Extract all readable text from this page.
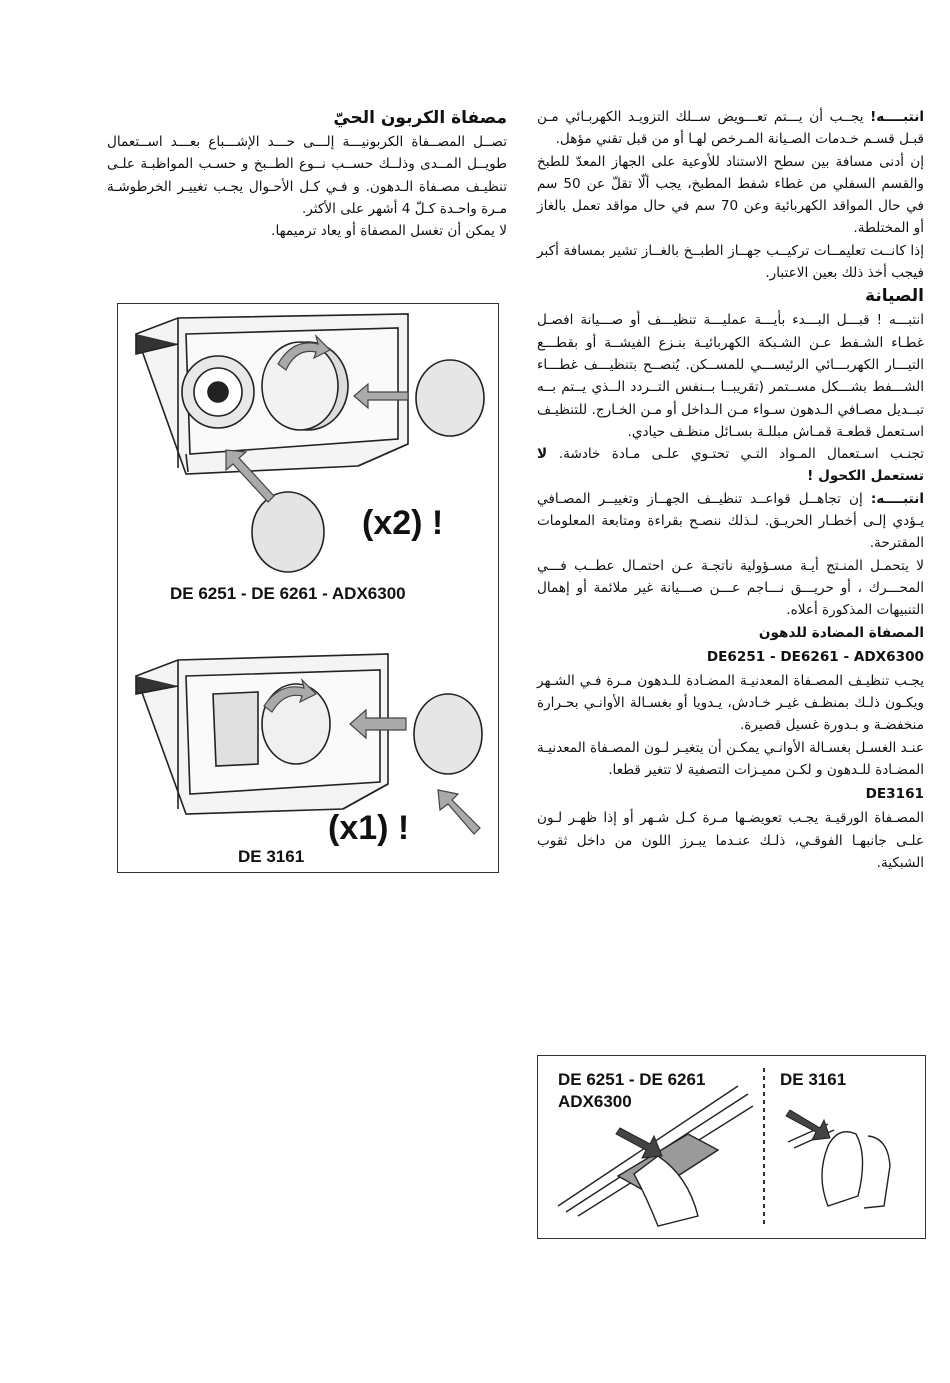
انتبــــه! يجــب أن يـــتم تعـــويض ســلك التزويـد الكهربـائي مـن قبـل قسـم خـدمات الصـيانة المـرخص لهـا أو من قبل تقني مؤهل.

إن أدنى مسافة بين سطح الاستناد للأوعية على الجهاز المعدّ للطبخ والقسم السفلي من غطاء شفط المطبخ، يجب ألّا تقلّ عن 50 سم في حال المواقد الكهربائية وعن 70 سم في حال مواقد تعمل بالغاز أو المختلطة.

إذا كانــت تعليمــات تركيــب جهــاز الطبــخ بالغــاز تشير بمسافة أكبر فيجب أخذ ذلك بعين الاعتبار.

الصيانة

انتبـــه ! قبـــل البـــدء بأيـــة عمليـــة تنظيـــف أو صـــيانة افصـل غطـاء الشـفط عـن الشـبكة الكهربائيـة بنـزع الفيشــة أو بقطـــع التيـــار الكهربـــائي الرئيســـي للمســكن. يُنصــح بتنظيـــف غطـــاء الشـــفط بشـــكل مســتمر (تقريبــا بــنفس التــردد الــذي يــتم بــه تبــديل مصـافي الـدهون سـواء مـن الـداخل أو مـن الخـارج. للتنظيـف اسـتعمل قطعـة قمـاش مبللـة بسـائل منظـف حيادي.

تجنـب اسـتعمال المـواد التـي تحتـوي علـى مـادة خادشة. لا تستعمل الكحول !

انتبــــه: إن تجاهــل قواعــد تنظيــف الجهــاز وتغييــر المصـافي يـؤدي إلـى أخطـار الحريـق. لـذلك ننصـح بقراءة ومتابعة المعلومات المقترحة.

لا يتحمـل المنـتج أيـة مسـؤولية ناتجـة عـن احتمـال عطــب فـــي المحـــرك ، أو حريـــق نـــاجم عـــن صـــيانة غير ملائمة أو إهمال التنبيهات المذكورة أعلاه.

المصفاة المضادة للدهون

DE6251 - DE6261 - ADX6300

يجـب تنظيـف المصـفاة المعدنيـة المضـادة للـدهون مـرة فـي الشـهر ويكـون ذلـك بمنظـف غيـر خـادش، يـدويا أو بغسـالة الأوانـي بحـرارة منخفضـة و بـدورة غسيل قصيرة.

عنـد الغسـل بغسـالة الأوانـي يمكـن أن يتغيـر لـون المصـفاة المعدنيـة المضـادة للـدهون و لكـن مميـزات التصفية لا تتغير قطعا.

DE3161

المصـفاة الورقيـة يجـب تعويضـها مـرة كـل شـهر أو إذا ظهـر لـون علـى جانبهـا الفوقـي، ذلـك عنـدما يبـرز اللون من داخل ثقوب الشبكية.

مصفاة الكربون الحيّ

تصــل المصــفاة الكربونيـــة إلـــى حـــد الإشـــباع بعـــد اســتعمال طويــل المــدى وذلــك حســب نــوع الطــبخ و حسـب المواظبـة علـى تنظيـف مصـفاة الـدهون. و فـي كـل الأحـوال يجـب تغييـر الخرطوشـة مـرة واحـدة كـلّ 4 أشهر على الأكثر.

لا يمكن أن تغسل المصفاة أو يعاد ترميمها.

(x2) !
DE 6251 - DE 6261 - ADX6300
(x1) !
DE 3161
DE 6251 - DE 6261
ADX6300
DE 3161
